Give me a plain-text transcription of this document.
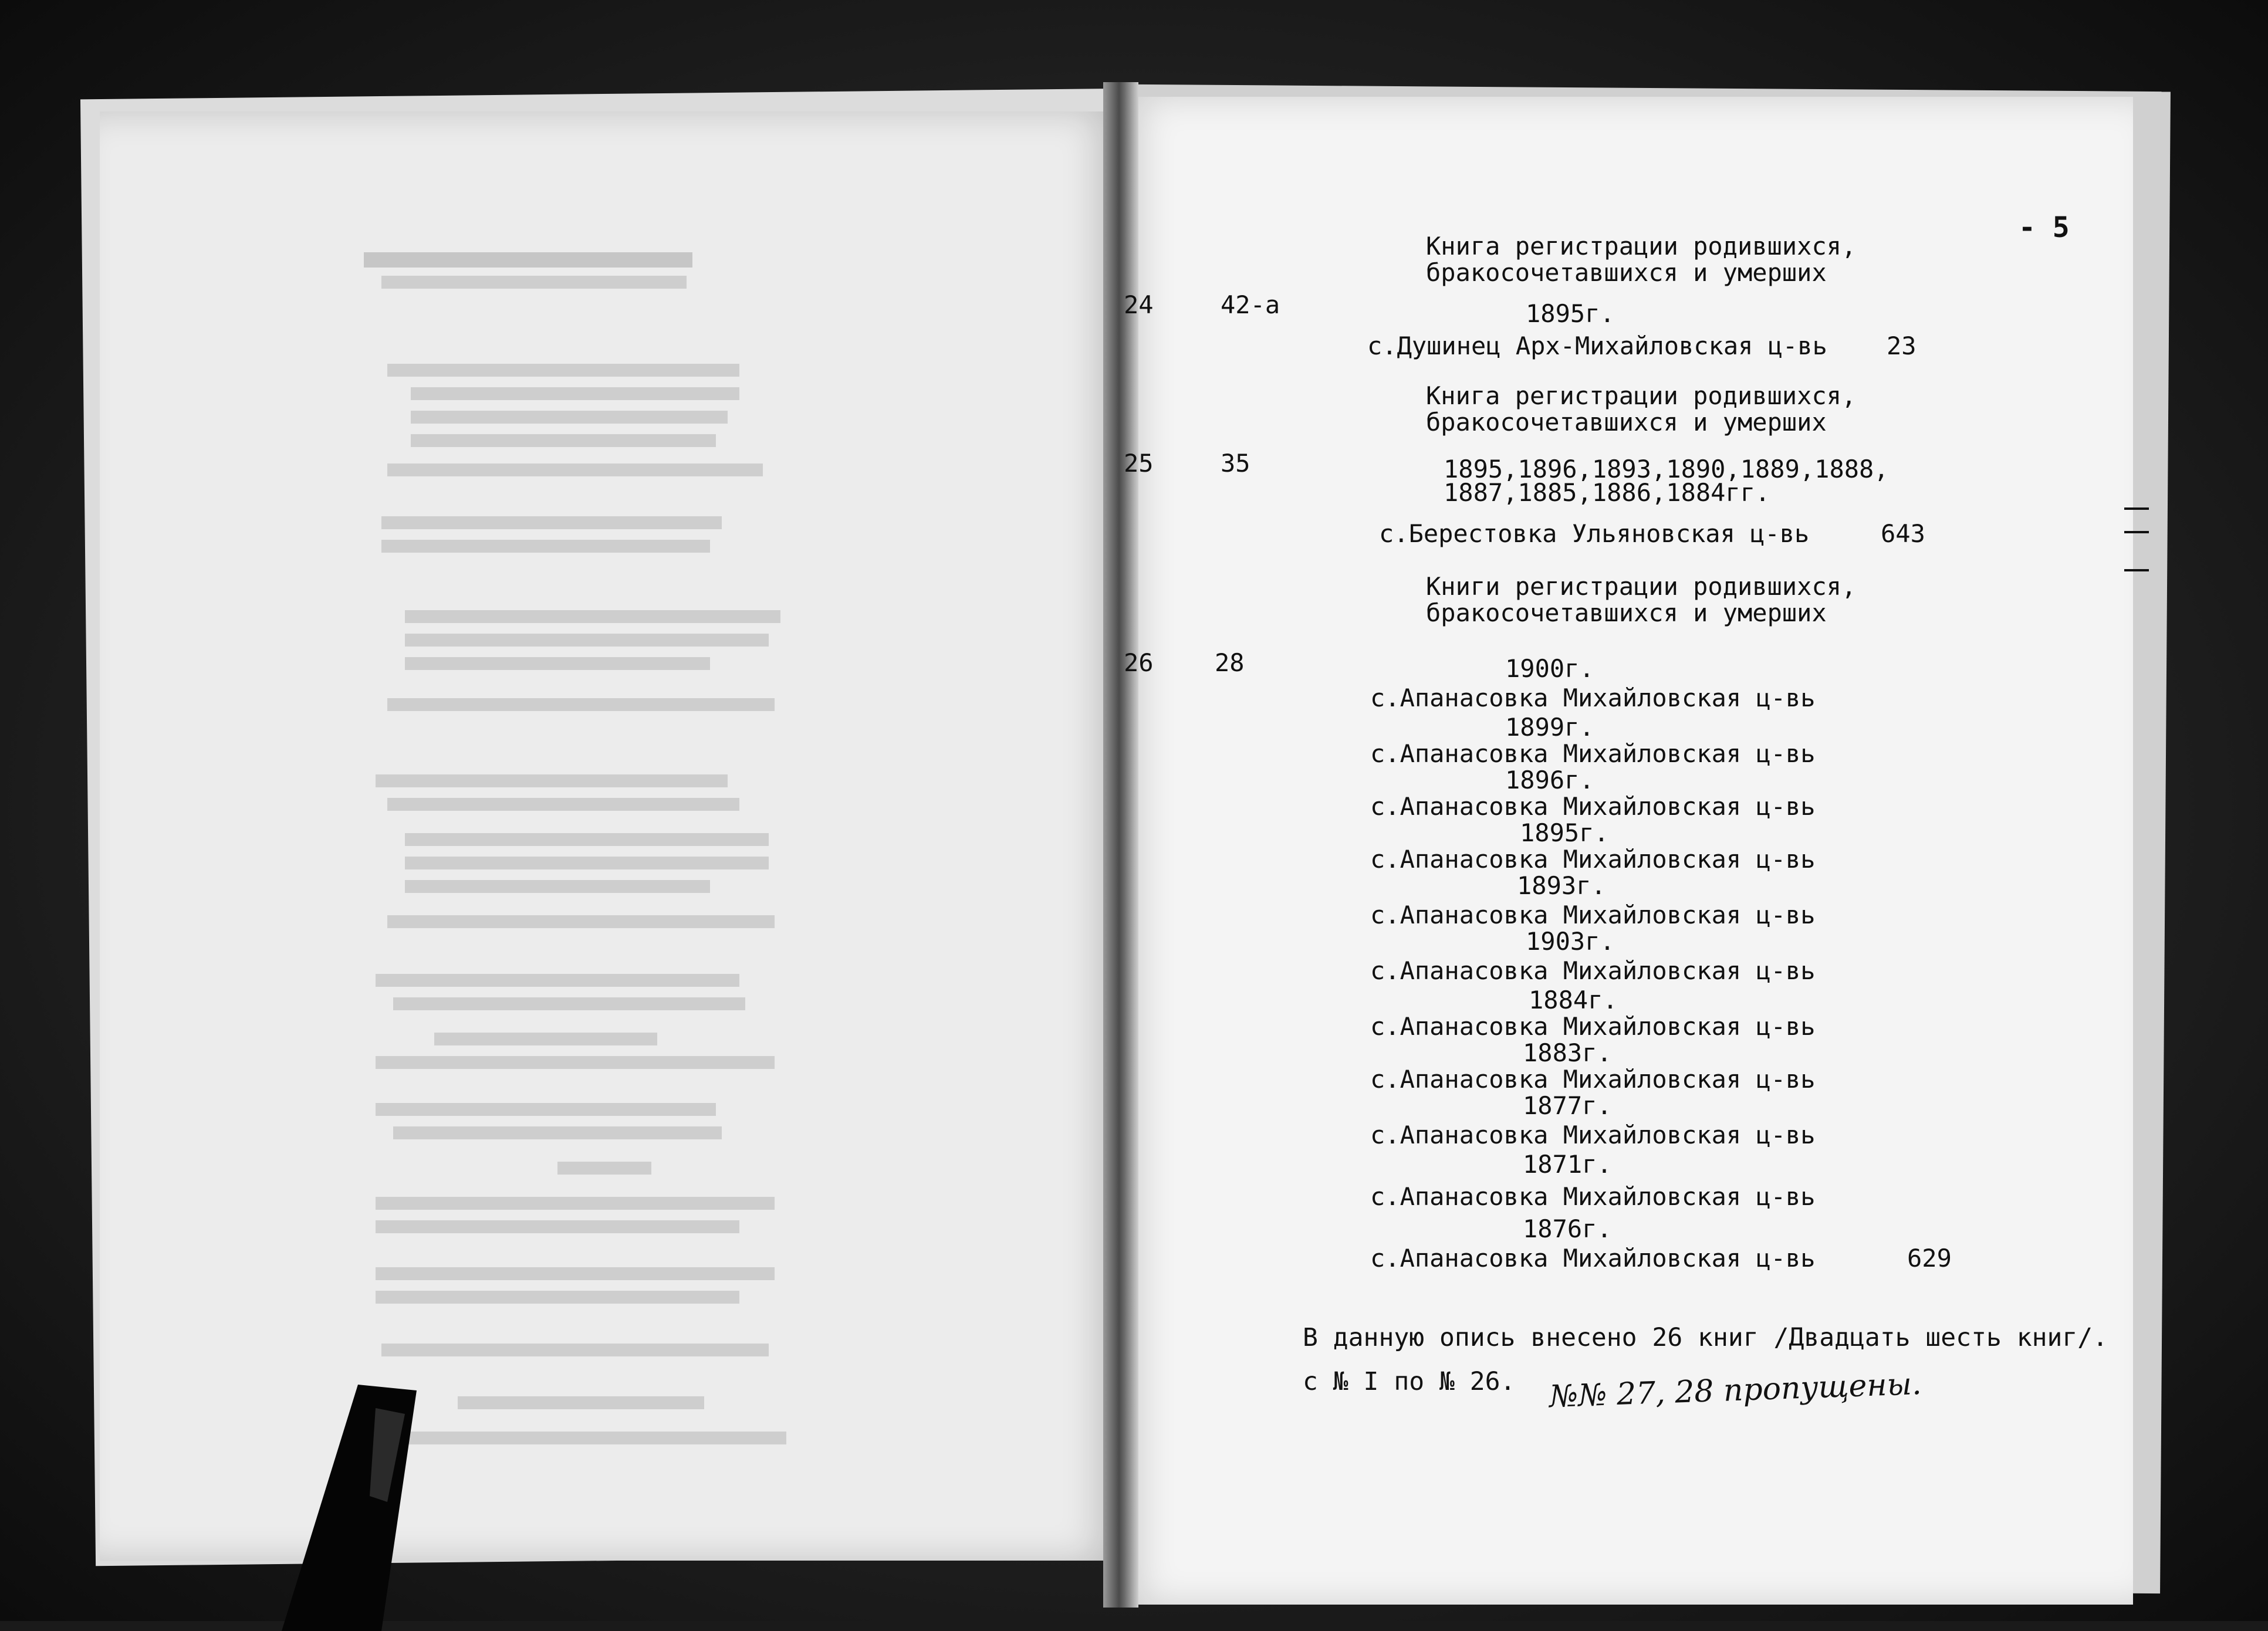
- 5
24	42-а
Книга регистрации родившихся,
бракосочетавшихся и умерших
1895г.
с.Душинец Арх-Михайловская ц-вь 23
25	35
Книга регистрации родившихся,
бракосочетавшихся и умерших
1895,1896,1893,1890,1889,1888,
1887,1885,1886,1884гг.
с.Берестовка Ульяновская ц-вь	643
26 28
Книги регистрации родившихся,
бракосочетавшихся и умерших
1900г.
с.Апанасовка Михайловская ц-вь
1899г.
с.Апанасовка Михайловская ц-вь
1896г.
с.Апанасовка Михайловская ц-вь
1895г.
с.Апанасовка Михайловская ц-вь
1893г.
с.Апанасовка Михайловская ц-вь
1903г.
с.Апанасовка Михайловская ц-вь
1884г.
с.Апанасовка Михайловская ц-вь
1883г.
с.Апанасовка Михайловская ц-вь
1877г.
с.Апанасовка Михайловская ц-вь
1871г.
с.Апанасовка Михайловская ц-вь
1876г.
с.Апанасовка Михайловская ц-вь	629
В данную опись внесено 26 книг /Двадцать шесть книг/.
с № I по № 26. №№ 27, 28 пропущены.
